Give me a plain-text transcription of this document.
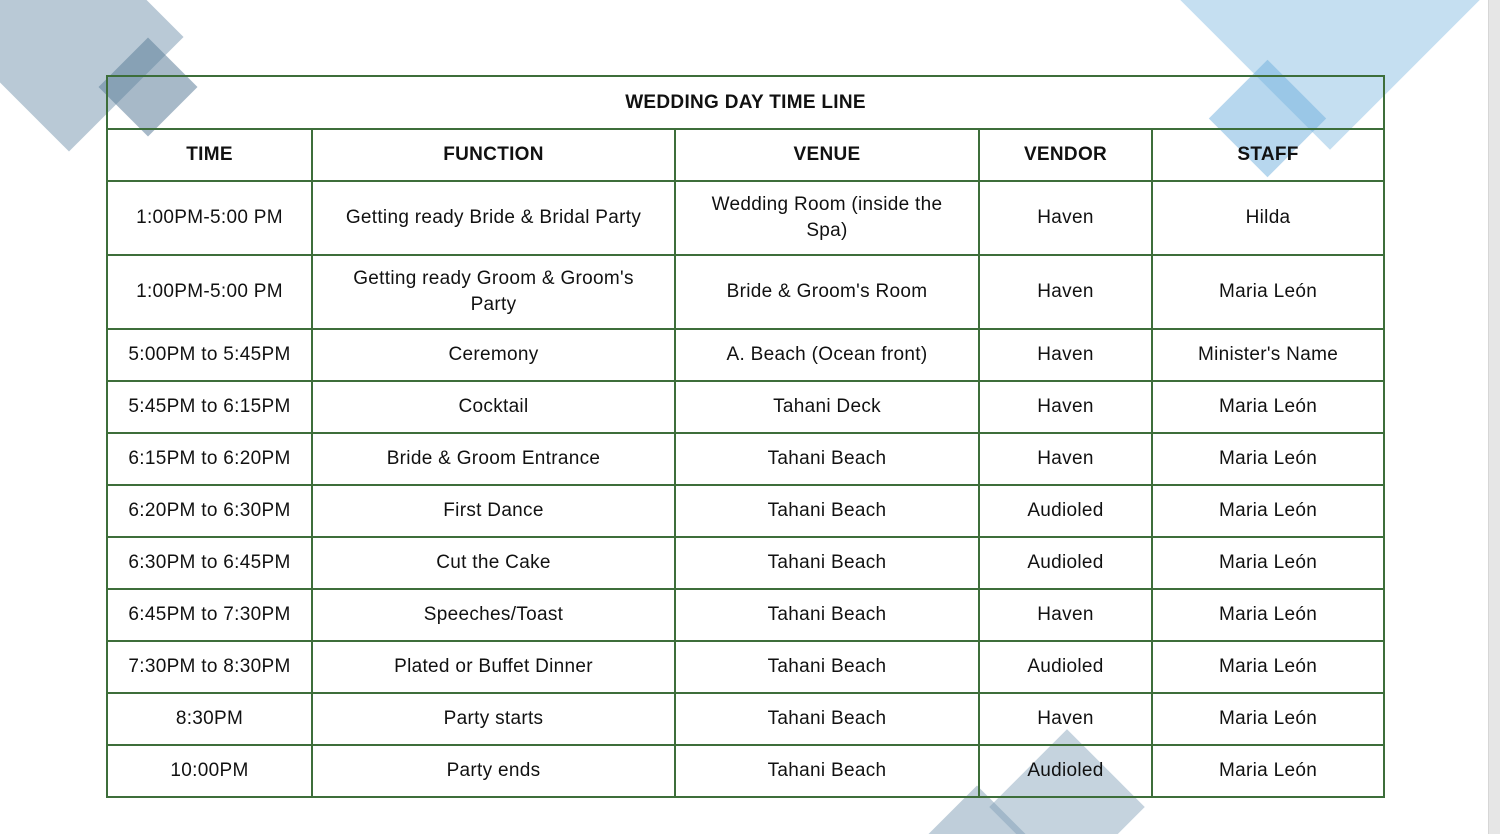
WEDDING DAY TIME LINE				
TIME	FUNCTION	VENUE	VENDOR	STAFF
1:00PM-5:00 PM	Getting ready Bride & Bridal Party	Wedding Room (inside the Spa)	Haven	Hilda
1:00PM-5:00 PM	Getting ready Groom & Groom's Party	Bride & Groom's Room	Haven	Maria León
5:00PM to 5:45PM	Ceremony	A. Beach (Ocean front)	Haven	Minister's Name
5:45PM to 6:15PM	Cocktail	Tahani Deck	Haven	Maria León
6:15PM to 6:20PM	Bride & Groom Entrance	Tahani Beach	Haven	Maria León
6:20PM to 6:30PM	First Dance	Tahani Beach	Audioled	Maria León
6:30PM to 6:45PM	Cut the Cake	Tahani Beach	Audioled	Maria León
6:45PM to 7:30PM	Speeches/Toast	Tahani Beach	Haven	Maria León
7:30PM to 8:30PM	Plated or Buffet Dinner	Tahani Beach	Audioled	Maria León
8:30PM	Party starts	Tahani Beach	Haven	Maria León
10:00PM	Party ends	Tahani Beach	Audioled	Maria León
